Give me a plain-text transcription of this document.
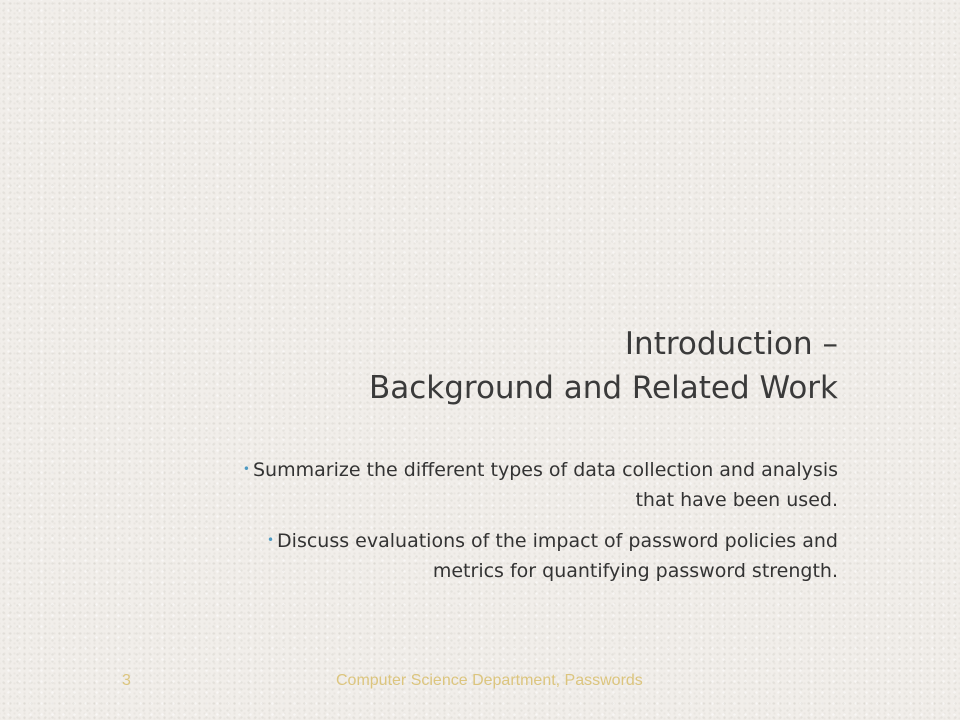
Introduction –
Background and Related Work
• Summarize the different types of data collection and analysis
that have been used.
• Discuss evaluations of the impact of password policies and
metrics for quantifying password strength.
3	Computer Science Department, Passwords
